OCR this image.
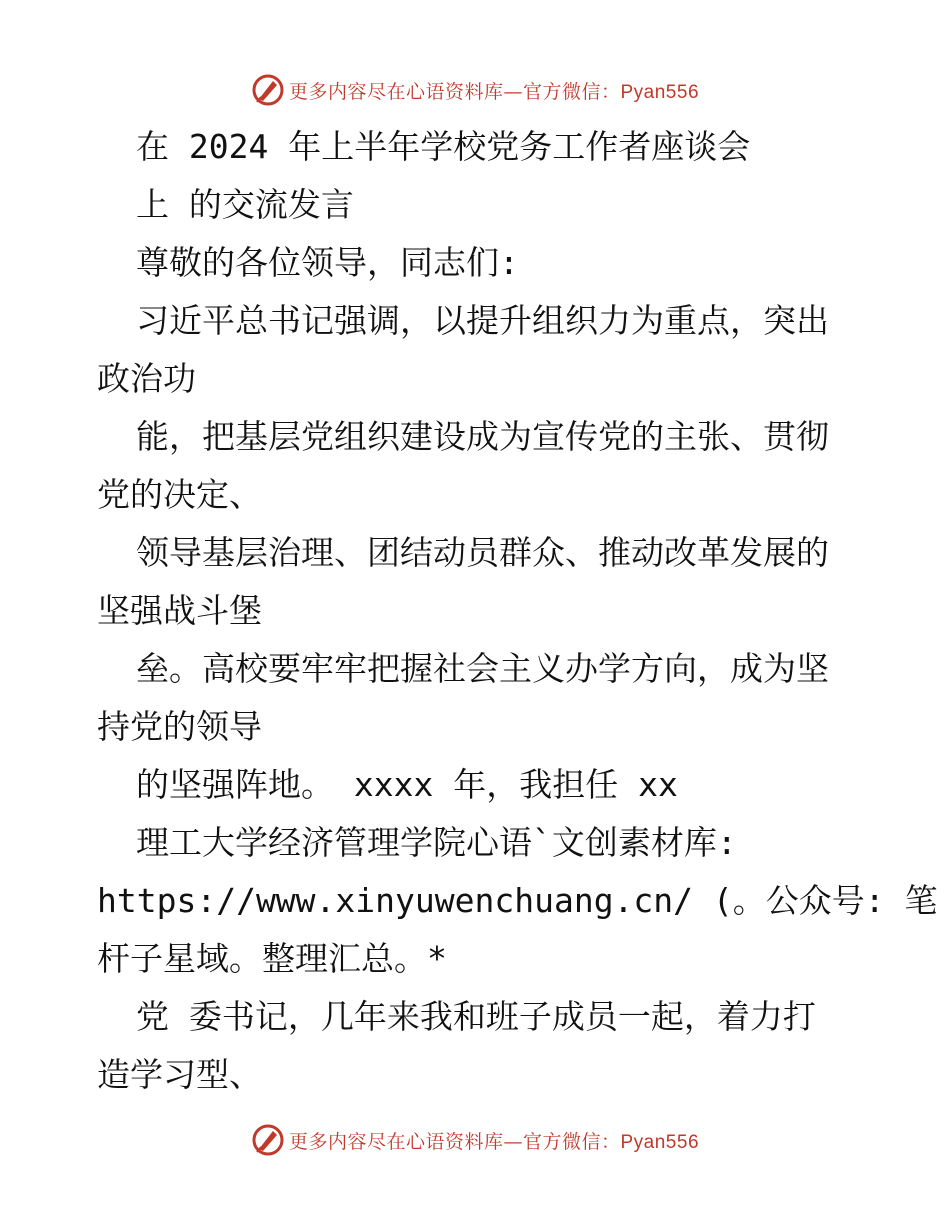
更多内容尽在心语资料库—官方微信：Pyan556
在 2024 年上半年学校党务工作者座谈会
上 的交流发言
尊敬的各位领导，同志们:
习近平总书记强调，以提升组织力为重点，突出
政治功
能，把基层党组织建设成为宣传党的主张、贯彻
党的决定、
领导基层治理、团结动员群众、推动改革发展的
坚强战斗堡
垒。高校要牢牢把握社会主义办学方向，成为坚
持党的领导
的坚强阵地。 xxxx 年，我担任 xx
理工大学经济管理学院心语`文创素材库:
https://www.xinyuwenchuang.cn/ (。公众号: 笔
杆子星域。整理汇总。*
党 委书记，几年来我和班子成员一起，着力打
造学习型、
更多内容尽在心语资料库—官方微信：Pyan556
